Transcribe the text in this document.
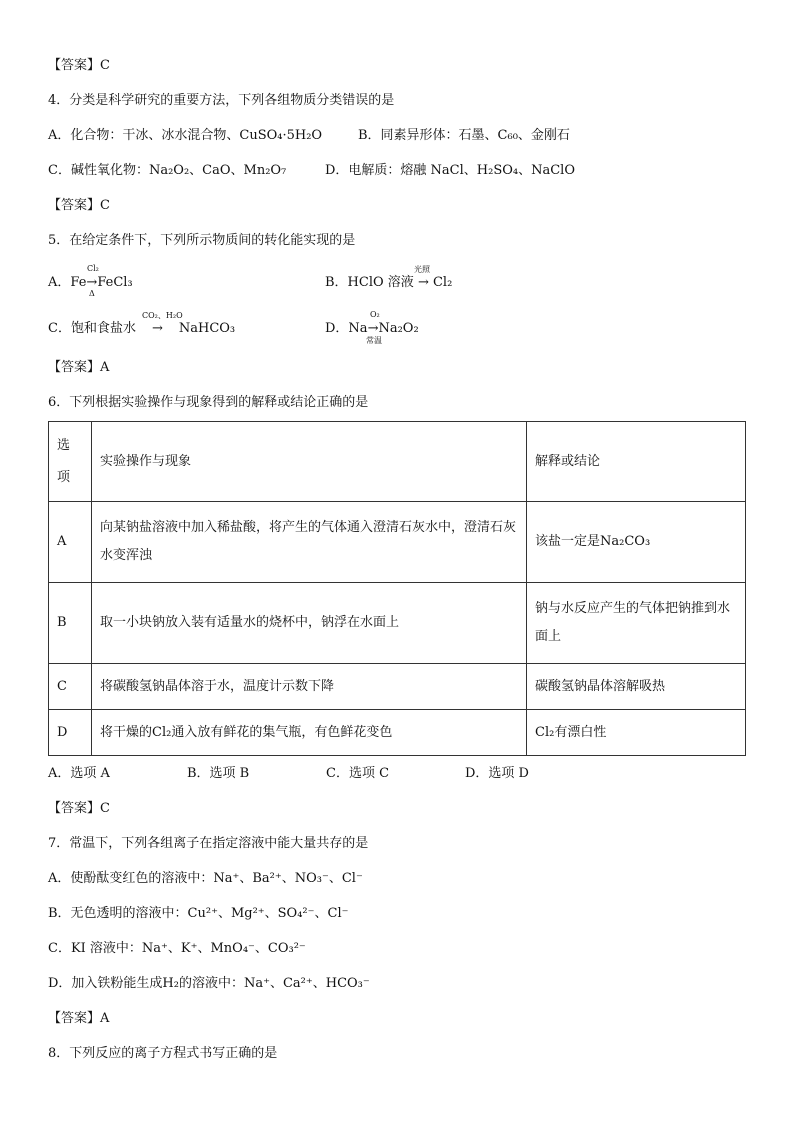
【答案】C
4．分类是科学研究的重要方法，下列各组物质分类错误的是
A．化合物：干冰、冰水混合物、CuSO₄·5H₂O	B．同素异形体：石墨、C₆₀、金刚石
C．碱性氧化物：Na₂O₂、CaO、Mn₂O₇	D．电解质：熔融 NaCl、H₂SO₄、NaClO
【答案】C
5．在给定条件下，下列所示物质间的转化能实现的是
A．Fe→FeCl₃
Cl₂
Δ
B．HClO 溶液 → Cl₂
光照
C．饱和食盐水 → NaHCO₃
CO₂、H₂O
D．Na→Na₂O₂
O₂
常温
【答案】A
6．下列根据实验操作与现象得到的解释或结论正确的是
选
项	实验操作与现象	解释或结论
A	向某钠盐溶液中加入稀盐酸，将产生的气体通入澄清石灰水中，澄清石灰水变浑浊	该盐一定是Na₂CO₃
B	取一小块钠放入装有适量水的烧杯中，钠浮在水面上	钠与水反应产生的气体把钠推到水面上
C	将碳酸氢钠晶体溶于水，温度计示数下降	碳酸氢钠晶体溶解吸热
D	将干燥的Cl₂通入放有鲜花的集气瓶，有色鲜花变色	Cl₂有漂白性
A．选项 A	B．选项 B	C．选项 C	D．选项 D
【答案】C
7．常温下，下列各组离子在指定溶液中能大量共存的是
A．使酚酞变红色的溶液中：Na⁺、Ba²⁺、NO₃⁻、Cl⁻
B．无色透明的溶液中：Cu²⁺、Mg²⁺、SO₄²⁻、Cl⁻
C．KI 溶液中：Na⁺、K⁺、MnO₄⁻、CO₃²⁻
D．加入铁粉能生成H₂的溶液中：Na⁺、Ca²⁺、HCO₃⁻
【答案】A
8．下列反应的离子方程式书写正确的是
